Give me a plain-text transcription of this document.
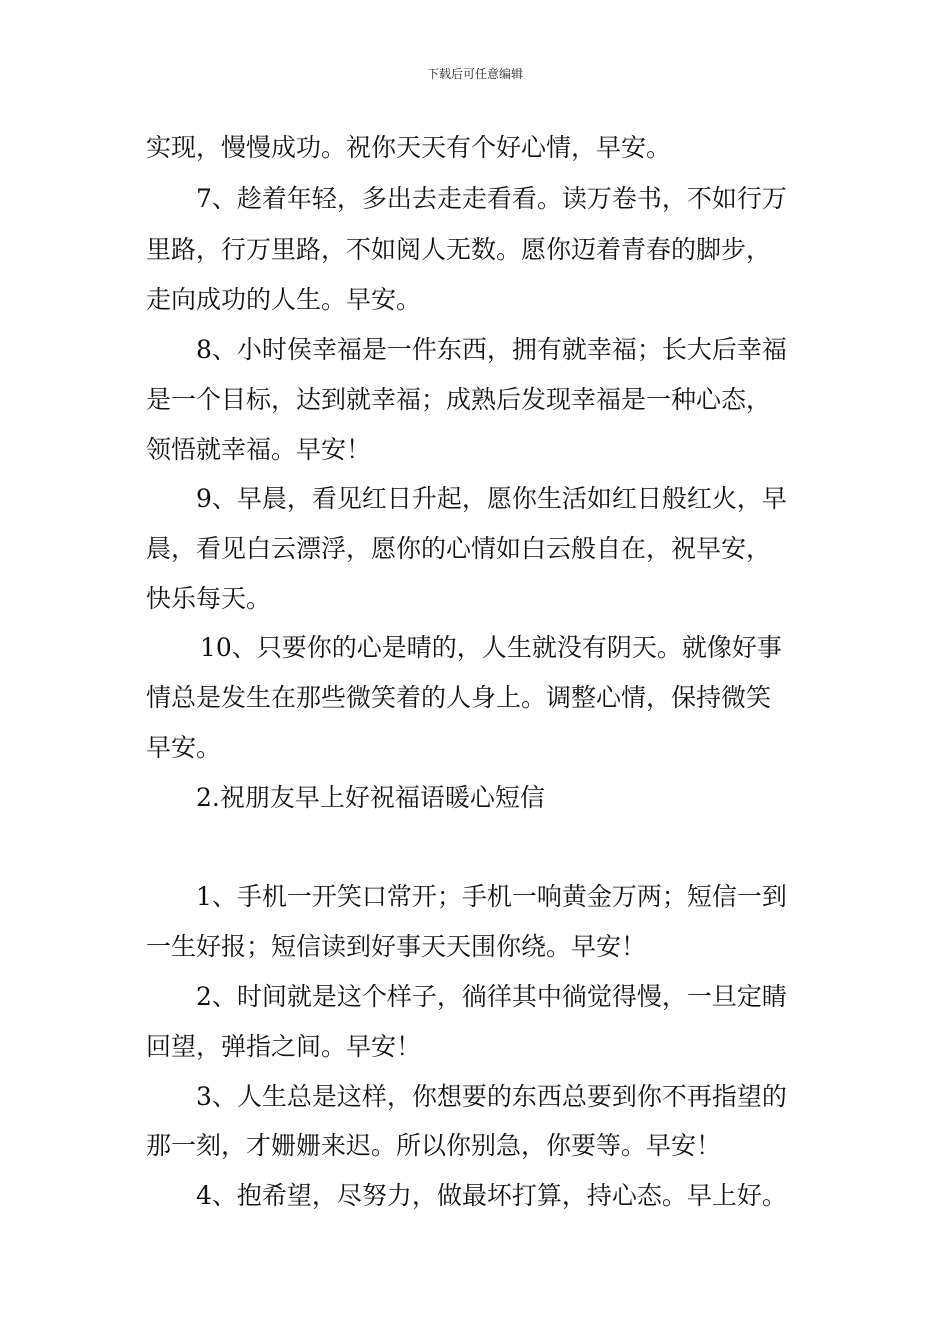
下载后可任意编辑
实现，慢慢成功。祝你天天有个好心情，早安。
7、趁着年轻，多出去走走看看。读万卷书，不如行万
里路，行万里路，不如阅人无数。愿你迈着青春的脚步，
走向成功的人生。早安。
8、小时侯幸福是一件东西，拥有就幸福；长大后幸福
是一个目标，达到就幸福；成熟后发现幸福是一种心态，
领悟就幸福。早安！
9、早晨，看见红日升起，愿你生活如红日般红火，早
晨，看见白云漂浮，愿你的心情如白云般自在，祝早安，
快乐每天。
10、只要你的心是晴的，人生就没有阴天。就像好事
情总是发生在那些微笑着的人身上。调整心情，保持微笑
早安。
2.祝朋友早上好祝福语暖心短信
1、手机一开笑口常开；手机一响黄金万两；短信一到
一生好报；短信读到好事天天围你绕。早安！
2、时间就是这个样子，徜徉其中徜觉得慢，一旦定睛
回望，弹指之间。早安！
3、人生总是这样，你想要的东西总要到你不再指望的
那一刻，才姗姗来迟。所以你别急，你要等。早安！
4、抱希望，尽努力，做最坏打算，持心态。早上好。
